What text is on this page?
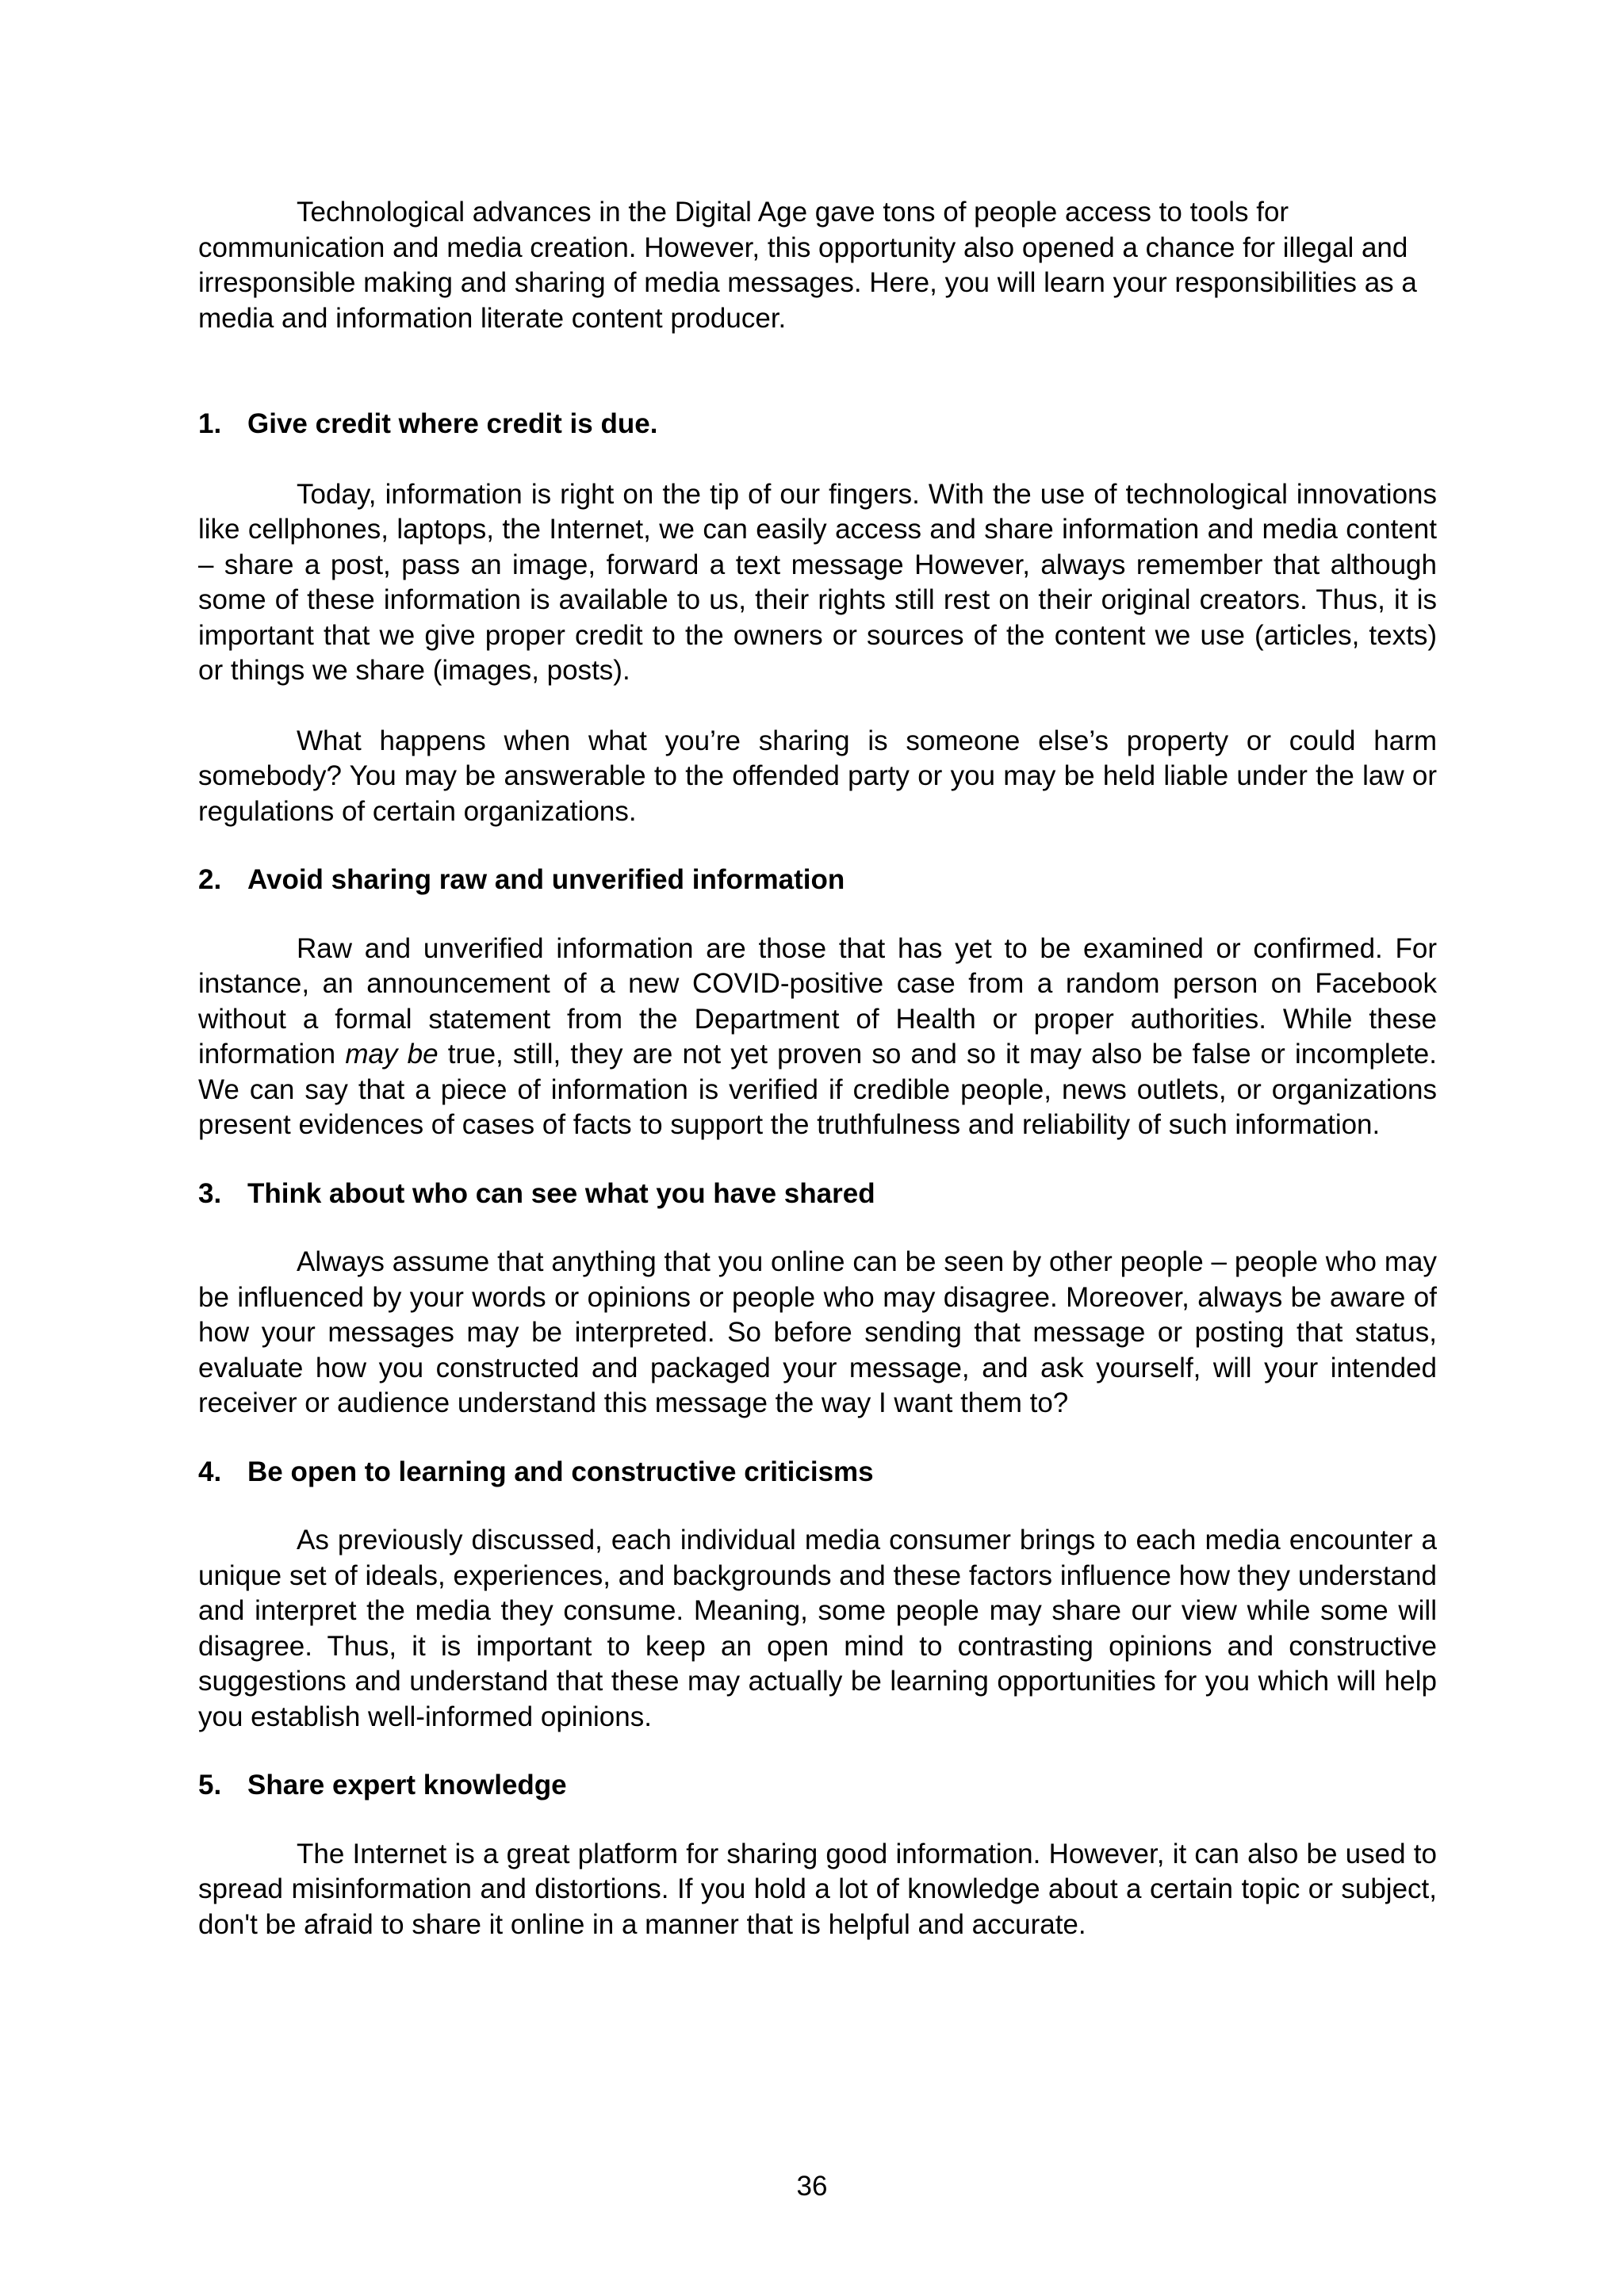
Technological advances in the Digital Age gave tons of people access to tools for communication and media creation. However, this opportunity also opened a chance for illegal and irresponsible making and sharing of media messages. Here, you will learn your responsibilities as a media and information literate content producer.

1. Give credit where credit is due.

Today, information is right on the tip of our fingers. With the use of technological innovations like cellphones, laptops, the Internet, we can easily access and share information and media content – share a post, pass an image, forward a text message However, always remember that although some of these information is available to us, their rights still rest on their original creators. Thus, it is important that we give proper credit to the owners or sources of the content we use (articles, texts) or things we share (images, posts).

What happens when what you’re sharing is someone else’s property or could harm somebody? You may be answerable to the offended party or you may be held liable under the law or regulations of certain organizations.

2. Avoid sharing raw and unverified information

Raw and unverified information are those that has yet to be examined or confirmed. For instance, an announcement of a new COVID-positive case from a random person on Facebook without a formal statement from the Department of Health or proper authorities. While these information may be true, still, they are not yet proven so and so it may also be false or incomplete. We can say that a piece of information is verified if credible people, news outlets, or organizations present evidences of cases of facts to support the truthfulness and reliability of such information.

3. Think about who can see what you have shared

Always assume that anything that you online can be seen by other people – people who may be influenced by your words or opinions or people who may disagree. Moreover, always be aware of how your messages may be interpreted. So before sending that message or posting that status, evaluate how you constructed and packaged your message, and ask yourself, will your intended receiver or audience understand this message the way I want them to?

4. Be open to learning and constructive criticisms

As previously discussed, each individual media consumer brings to each media encounter a unique set of ideals, experiences, and backgrounds and these factors influence how they understand and interpret the media they consume. Meaning, some people may share our view while some will disagree. Thus, it is important to keep an open mind to contrasting opinions and constructive suggestions and understand that these may actually be learning opportunities for you which will help you establish well-informed opinions.

5. Share expert knowledge

The Internet is a great platform for sharing good information. However, it can also be used to spread misinformation and distortions. If you hold a lot of knowledge about a certain topic or subject, don't be afraid to share it online in a manner that is helpful and accurate.

36
